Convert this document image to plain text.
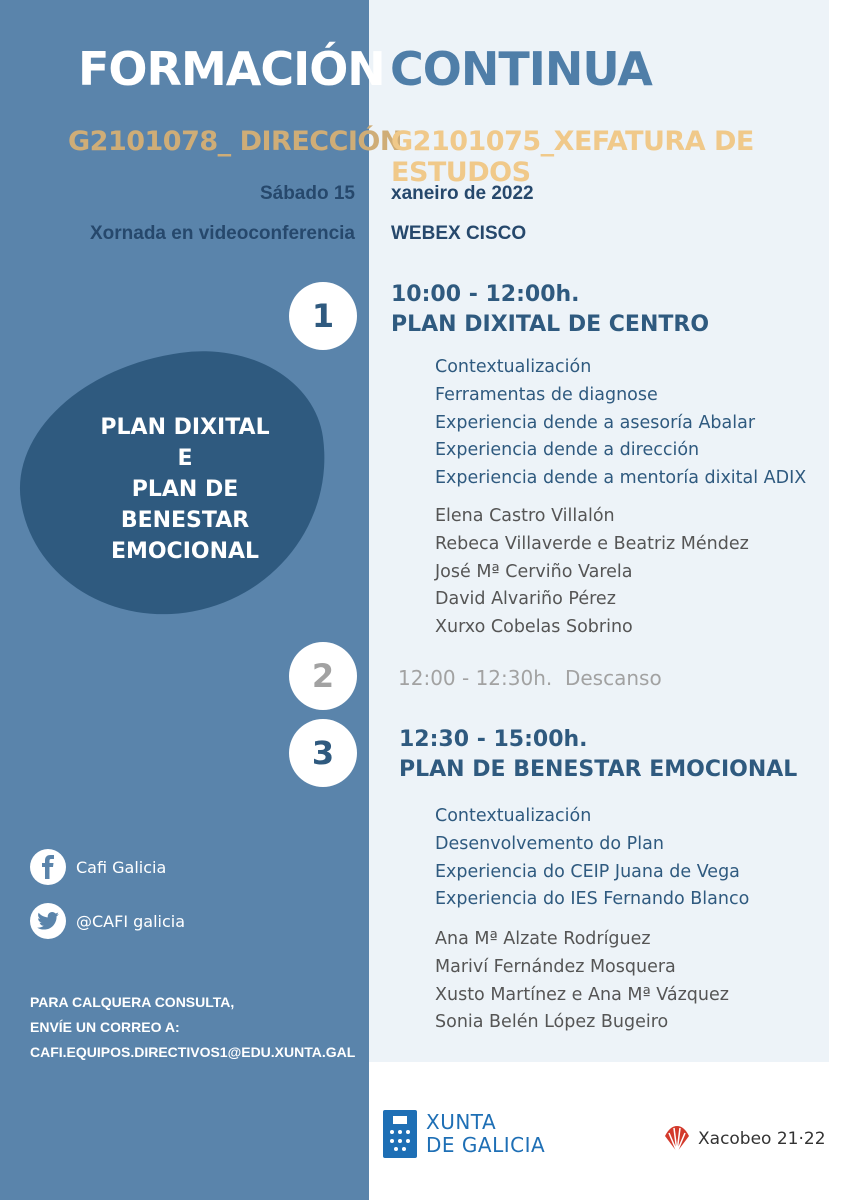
FORMACIÓN CONTINUA
G2101078_ DIRECCIÓN
G2101075_XEFATURA DE ESTUDOS
Sábado 15 xaneiro de 2022
Xornada en videoconferencia WEBEX CISCO
PLAN DIXITAL
E
PLAN DE
BENESTAR
EMOCIONAL
1
10:00 - 12:00h.
PLAN DIXITAL DE CENTRO
Contextualización
Ferramentas de diagnose
Experiencia dende a asesoría Abalar
Experiencia dende a dirección
Experiencia dende a mentoría dixital ADIX
Elena Castro Villalón
Rebeca Villaverde e Beatriz Méndez
José Mª Cerviño Varela
David Alvariño Pérez
Xurxo Cobelas Sobrino
2	12:00 - 12:30h. Descanso
3	12:30 - 15:00h.
PLAN DE BENESTAR EMOCIONAL
Contextualización
Desenvolvemento do Plan
Experiencia do CEIP Juana de Vega
Experiencia do IES Fernando Blanco
Ana Mª Alzate Rodríguez
Mariví Fernández Mosquera
Xusto Martínez e Ana Mª Vázquez
Sonia Belén López Bugeiro
Cafi Galicia
@CAFI galicia
PARA CALQUERA CONSULTA,
ENVÍE UN CORREO A:
CAFI.EQUIPOS.DIRECTIVOS1@EDU.XUNTA.GAL
XUNTA
DE GALICIA	Xacobeo 21·22
